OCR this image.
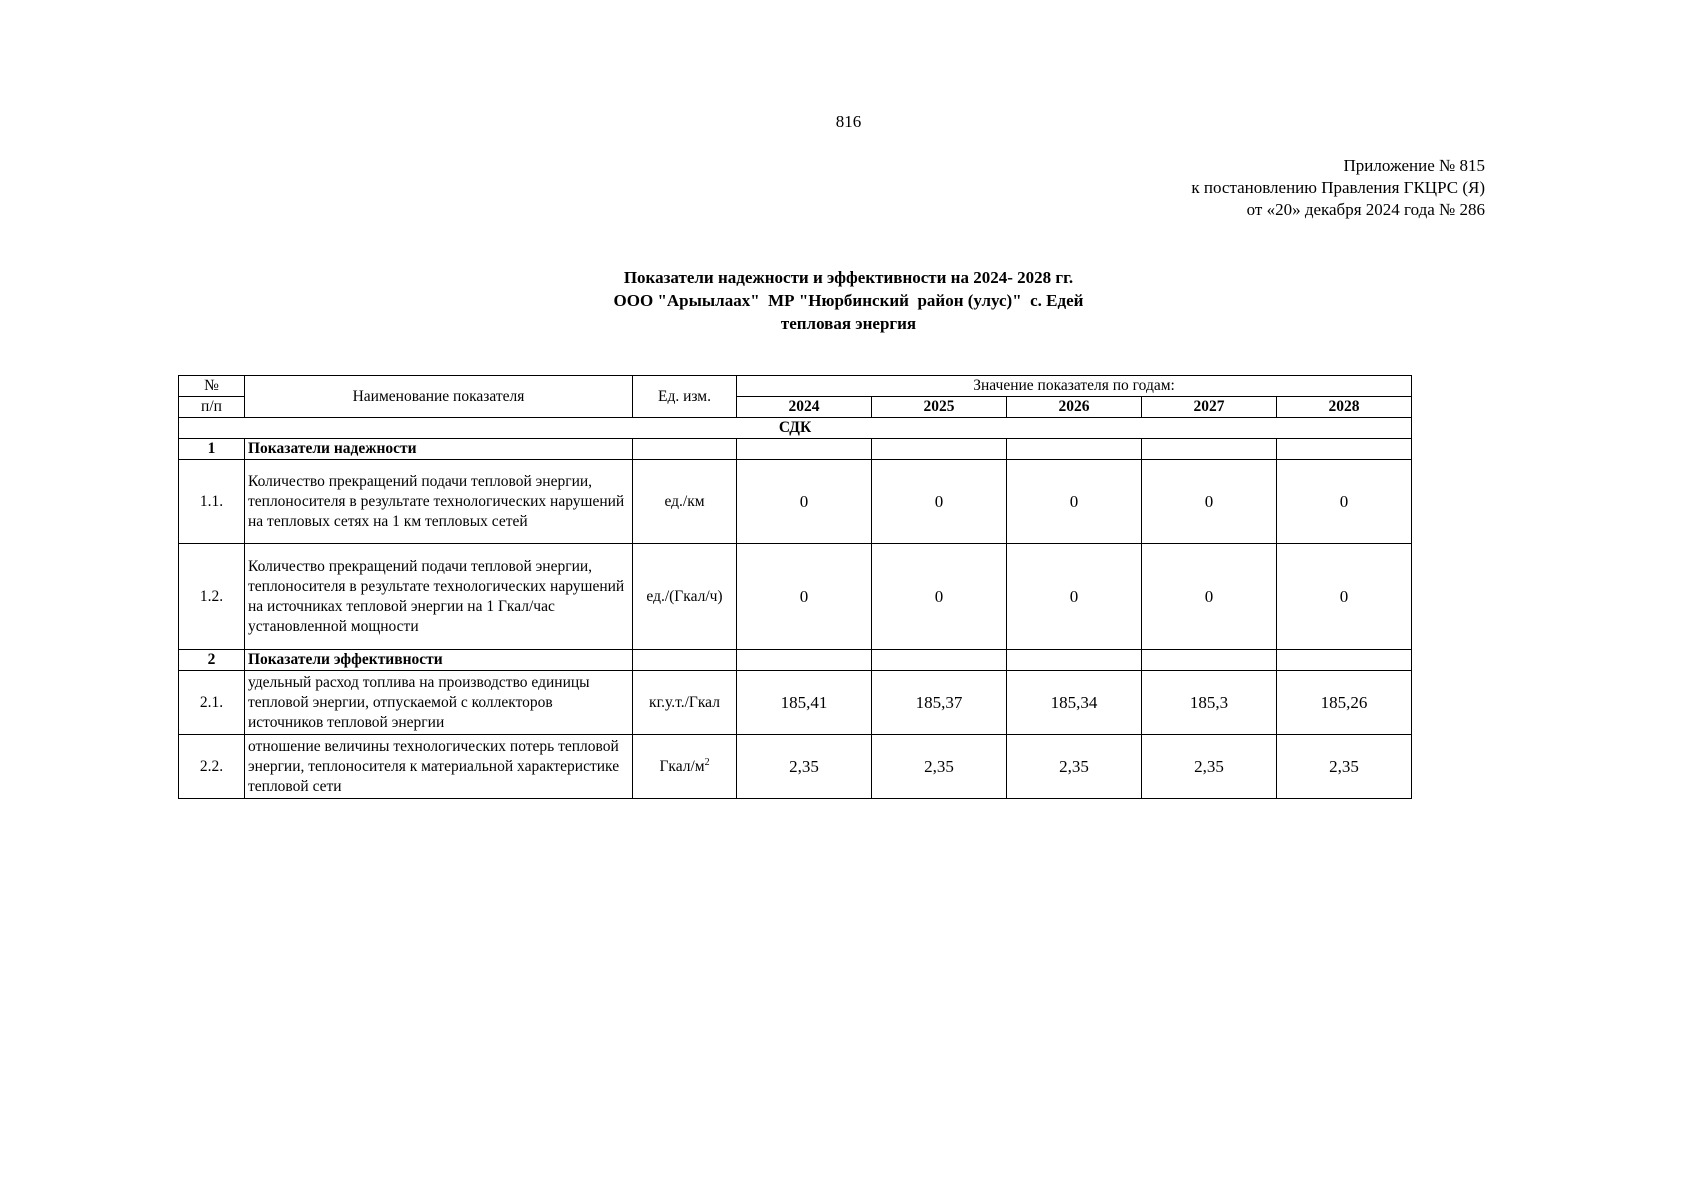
816
Приложение № 815
к постановлению Правления ГКЦРС (Я)
от «20» декабря 2024 года № 286
Показатели надежности и эффективности на 2024- 2028 гг.
ООО "Арыылаах"  МР "Нюрбинский  район (улус)"  с. Едей
тепловая энергия
№	Наименование показателя	Ед. изм.	Значение показателя по годам:				
п/п			2024	2025	2026	2027	2028
СДК							
1	Показатели надежности						
1.1.	Количество прекращений подачи тепловой энергии, теплоносителя в результате технологических нарушений на тепловых сетях на 1 км тепловых сетей	ед./км	0	0	0	0	0
1.2.	Количество прекращений подачи тепловой энергии, теплоносителя в результате технологических нарушений на источниках тепловой энергии на 1 Гкал/час установленной мощности	ед./(Гкал/ч)	0	0	0	0	0
2	Показатели эффективности						
2.1.	удельный расход топлива на производство единицы тепловой энергии, отпускаемой с коллекторов источников тепловой энергии	кг.у.т./Гкал	185,41	185,37	185,34	185,3	185,26
2.2.	отношение величины технологических потерь тепловой энергии, теплоносителя к материальной характеристике тепловой сети	Гкал/$м^2$	2,35	2,35	2,35	2,35	2,35
